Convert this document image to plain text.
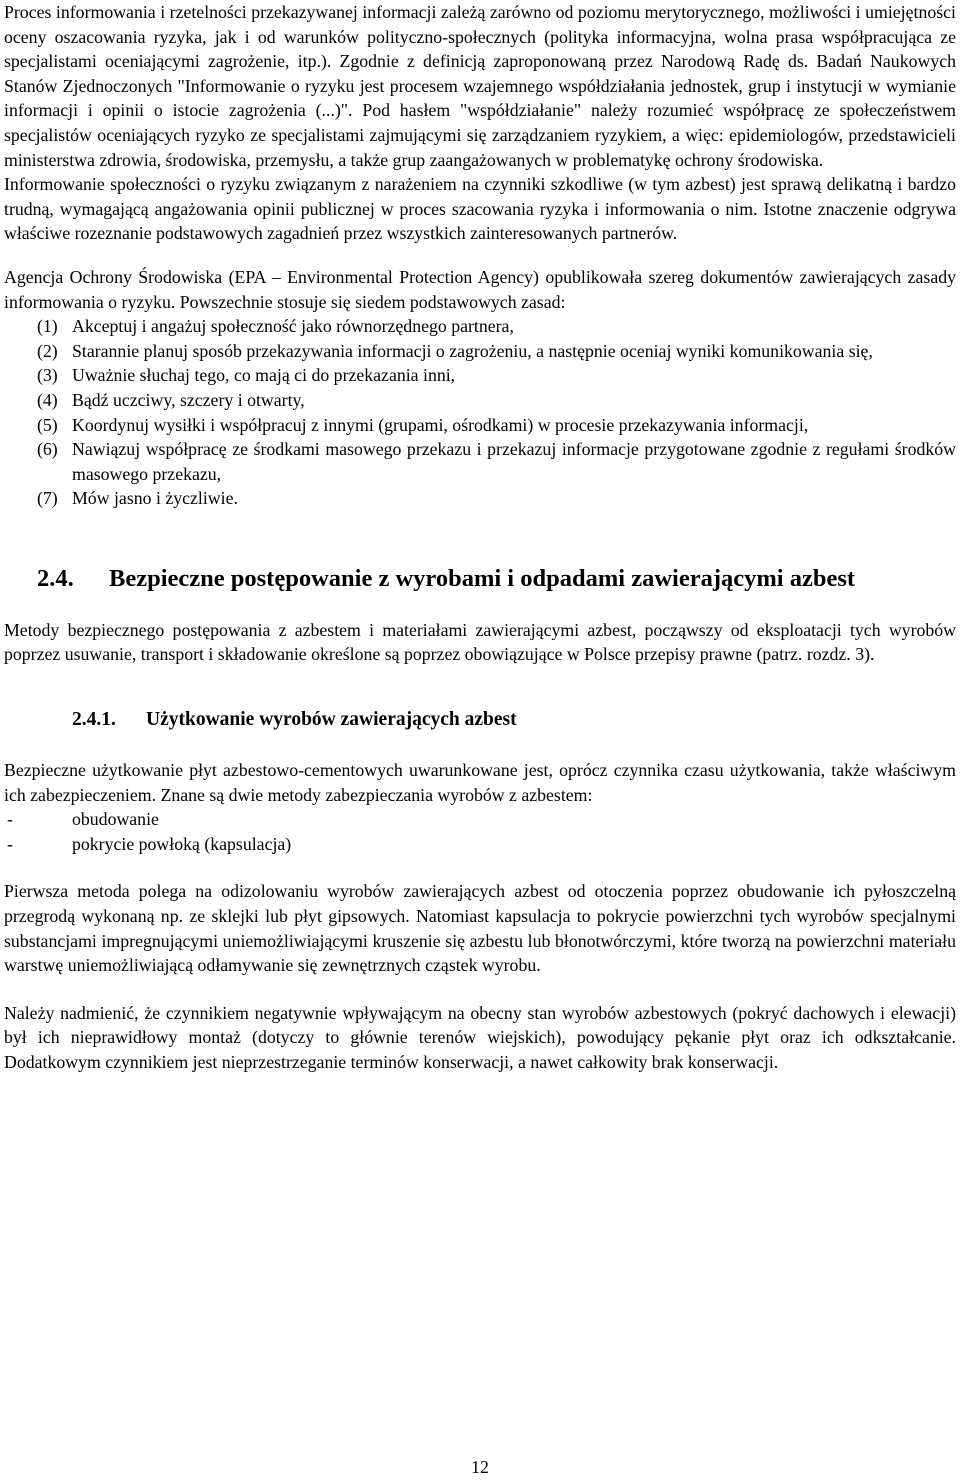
Proces informowania i rzetelności przekazywanej informacji zależą zarówno od poziomu merytorycznego, możliwości i umiejętności oceny oszacowania ryzyka, jak i od warunków polityczno-społecznych (polityka informacyjna, wolna prasa współpracująca ze specjalistami oceniającymi zagrożenie, itp.). Zgodnie z definicją zaproponowaną przez Narodową Radę ds. Badań Naukowych Stanów Zjednoczonych "Informowanie o ryzyku jest procesem wzajemnego współdziałania jednostek, grup i instytucji w wymianie informacji i opinii o istocie zagrożenia (...)". Pod hasłem "współdziałanie" należy rozumieć współpracę ze społeczeństwem specjalistów oceniających ryzyko ze specjalistami zajmującymi się zarządzaniem ryzykiem, a więc: epidemiologów, przedstawicieli ministerstwa zdrowia, środowiska, przemysłu, a także grup zaangażowanych w problematykę ochrony środowiska.

Informowanie społeczności o ryzyku związanym z narażeniem na czynniki szkodliwe (w tym azbest) jest sprawą delikatną i bardzo trudną, wymagającą angażowania opinii publicznej w proces szacowania ryzyka i informowania o nim. Istotne znaczenie odgrywa właściwe rozeznanie podstawowych zagadnień przez wszystkich zainteresowanych partnerów.

Agencja Ochrony Środowiska (EPA – Environmental Protection Agency) opublikowała szereg dokumentów zawierających zasady informowania o ryzyku. Powszechnie stosuje się siedem podstawowych zasad:

(1) Akceptuj i angażuj społeczność jako równorzędnego partnera,
(2) Starannie planuj sposób przekazywania informacji o zagrożeniu, a następnie oceniaj wyniki komunikowania się,
(3) Uważnie słuchaj tego, co mają ci do przekazania inni,
(4) Bądź uczciwy, szczery i otwarty,
(5) Koordynuj wysiłki i współpracuj z innymi (grupami, ośrodkami) w procesie przekazywania informacji,
(6) Nawiązuj współpracę ze środkami masowego przekazu i przekazuj informacje przygotowane zgodnie z regułami środków masowego przekazu,
(7) Mów jasno i życzliwie.
2.4.	Bezpieczne postępowanie z wyrobami i odpadami zawierającymi azbest

Metody bezpiecznego postępowania z azbestem i materiałami zawierającymi azbest, począwszy od eksploatacji tych wyrobów poprzez usuwanie, transport i składowanie określone są poprzez obowiązujące w Polsce przepisy prawne (patrz. rozdz. 3).

2.4.1.	Użytkowanie wyrobów zawierających azbest

Bezpieczne użytkowanie płyt azbestowo-cementowych uwarunkowane jest, oprócz czynnika czasu użytkowania, także właściwym ich zabezpieczeniem. Znane są dwie metody zabezpieczania wyrobów z azbestem:

-	obudowanie
-	pokrycie powłoką (kapsulacja)

Pierwsza metoda polega na odizolowaniu wyrobów zawierających azbest od otoczenia poprzez obudowanie ich pyłoszczelną przegrodą wykonaną np. ze sklejki lub płyt gipsowych. Natomiast kapsulacja to pokrycie powierzchni tych wyrobów specjalnymi substancjami impregnującymi uniemożliwiającymi kruszenie się azbestu lub błonotwórczymi, które tworzą na powierzchni materiału warstwę uniemożliwiającą odłamywanie się zewnętrznych cząstek wyrobu.

Należy nadmienić, że czynnikiem negatywnie wpływającym na obecny stan wyrobów azbestowych (pokryć dachowych i elewacji) był ich nieprawidłowy montaż (dotyczy to głównie terenów wiejskich), powodujący pękanie płyt oraz ich odkształcanie. Dodatkowym czynnikiem jest nieprzestrzeganie terminów konserwacji, a nawet całkowity brak konserwacji.

12
